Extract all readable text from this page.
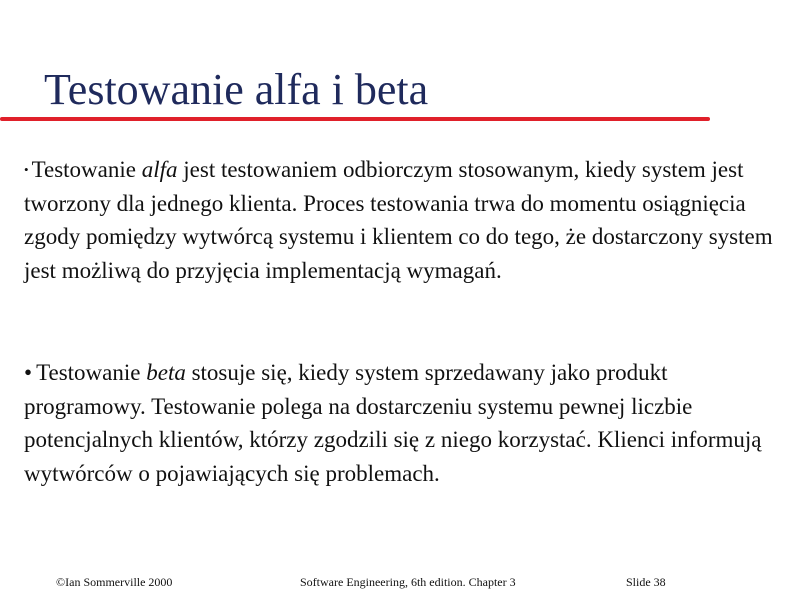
Testowanie alfa i beta

• Testowanie alfa jest testowaniem odbiorczym stosowanym, kiedy system jest tworzony dla jednego klienta. Proces testowania trwa do momentu osiągnięcia zgody pomiędzy wytwórcą systemu i klientem co do tego, że dostarczony system jest możliwą do przyjęcia implementacją wymagań.

• Testowanie beta stosuje się, kiedy system sprzedawany jako produkt programowy. Testowanie polega na dostarczeniu systemu pewnej liczbie potencjalnych klientów, którzy zgodzili się z niego korzystać. Klienci informują wytwórców o pojawiających się problemach.

©Ian Sommerville 2000	Software Engineering, 6th edition. Chapter 3	Slide 38
